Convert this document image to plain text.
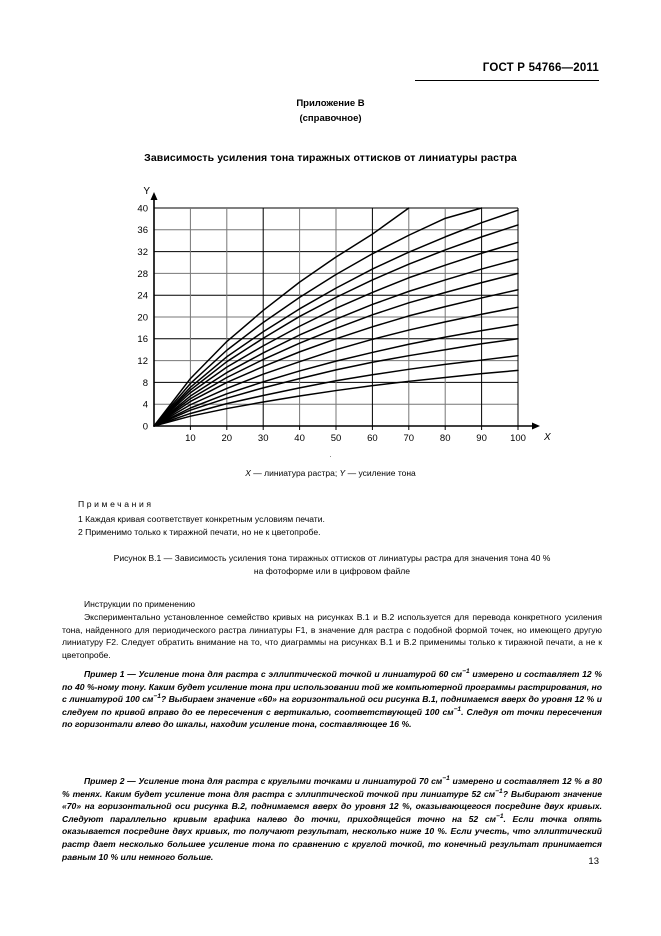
ГОСТ Р 54766—2011
Приложение В
(справочное)
Зависимость усиления тона тиражных оттисков от линиатуры растра
0
4
8
12
16
20
24
28
32
36
40
10	20	30	40	50	60	70	80	90 100
Y
X
·
X — линиатура растра; Y — усиление тона
Примечания

1 Каждая кривая соответствует конкретным условиям печати.

2 Применимо только к тиражной печати, но не к цветопробе.

Рисунок В.1 — Зависимость усиления тона тиражных оттисков от линиатуры растра для значения тона 40 %
на фотоформе или в цифровом файле

Инструкции по применению

Экспериментально установленное семейство кривых на рисунках В.1 и В.2 используется для перевода конкретного усиления тона, найденного для периодического растра линиатуры F1, в значение для растра с подобной формой точек, но имеющего другую линиатуру F2. Следует обратить внимание на то, что диаграммы на рисунках В.1 и В.2 применимы только к тиражной печати, а не к цветопробе.

Пример 1 — Усиление тона для растра с эллиптической точкой и линиатурой 60 $см^{-1}$ измерено и составляет 12 % по 40 %-ному тону. Каким будет усиление тона при использовании той же компьютерной программы растрирования, но с линиатурой 100 $см^{-1}$? Выбираем значение «60» на горизонтальной оси рисунка В.1, поднимаемся вверх до уровня 12 % и следуем по кривой вправо до ее пересечения с вертикалью, соответствующей 100 $см^{-1}$. Следуя от точки пересечения по горизонтали влево до шкалы, находим усиление тона, составляющее 16 %.

Пример 2 — Усиление тона для растра с круглыми точками и линиатурой 70 $см^{-1}$ измерено и составляет 12 % в 80 % тенях. Каким будет усиление тона для растра с эллиптической точкой при линиатуре 52 $см^{-1}$? Выбирают значение «70» на горизонтальной оси рисунка В.2, поднимаемся вверх до уровня 12 %, оказывающегося посредине двух кривых. Следуют параллельно кривым графика налево до точки, приходящейся точно на 52 $см^{-1}$. Если точка опять оказывается посредине двух кривых, то получают результат, несколько ниже 10 %. Если учесть, что эллиптический растр дает несколько большее усиление тона по сравнению с круглой точкой, то конечный результат принимается равным 10 % или немного больше.	13
